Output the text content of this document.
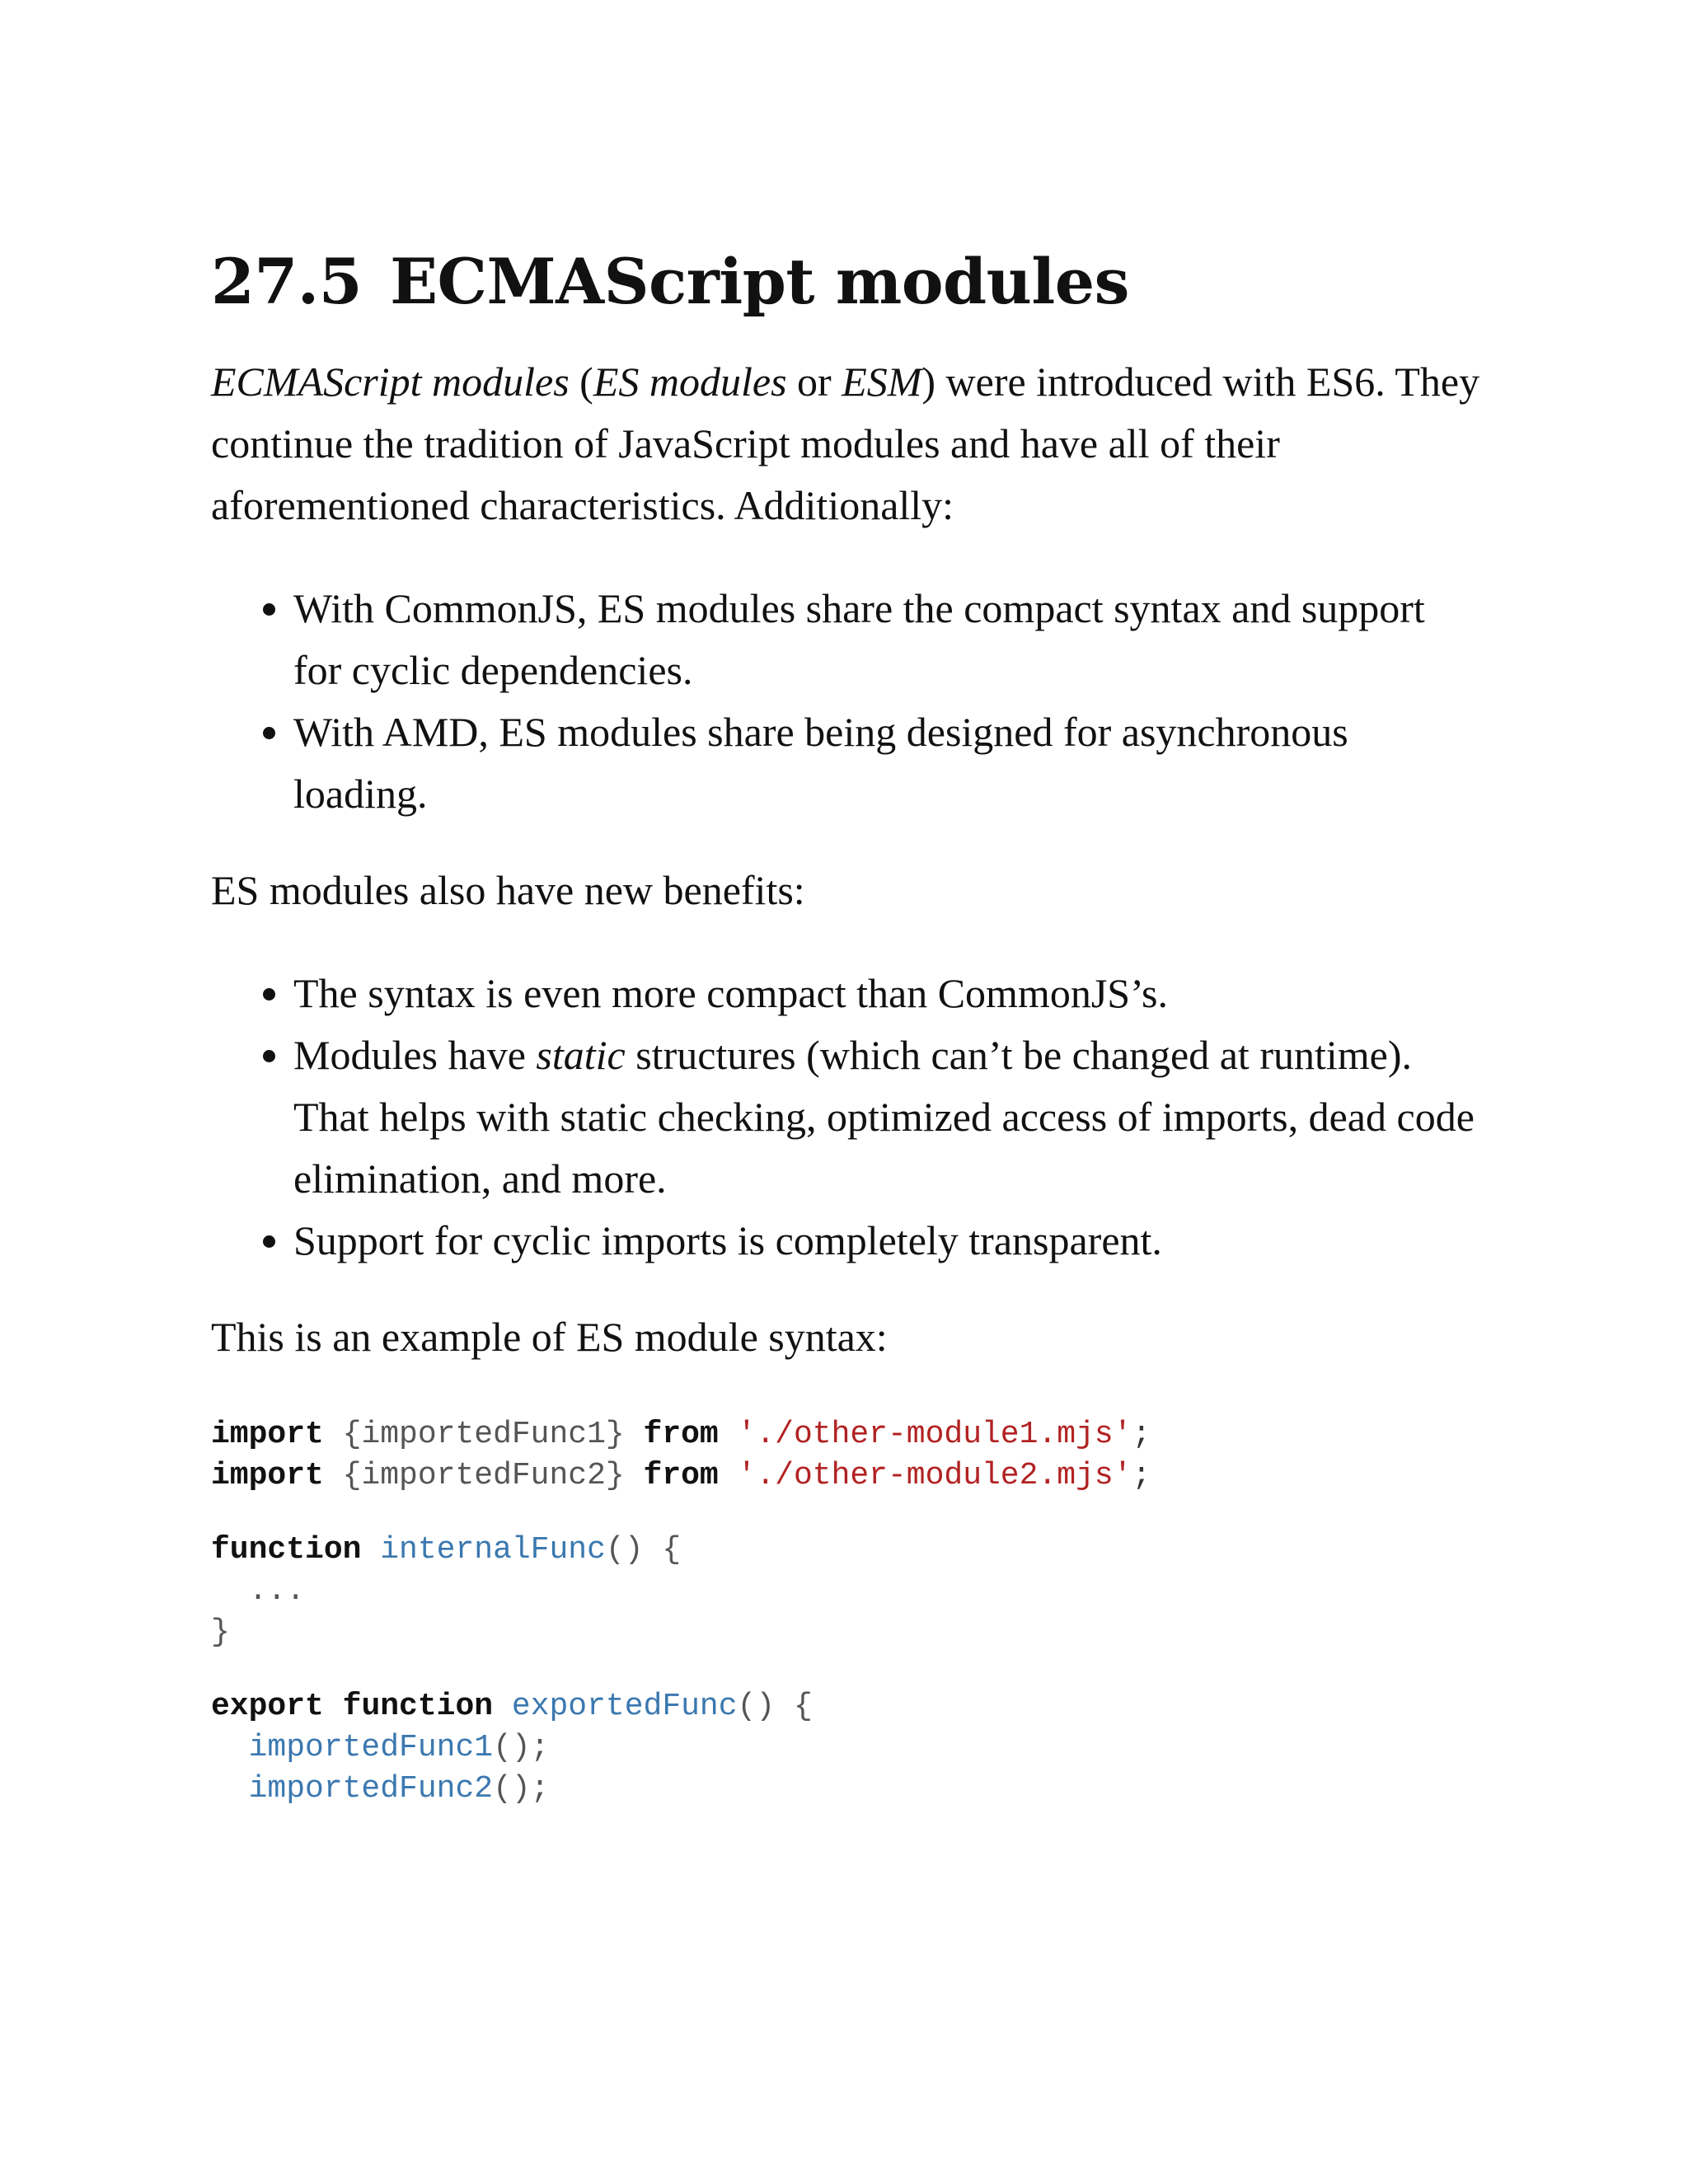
27.5 ECMAScript modules

ECMAScript modules (ES modules or ESM) were introduced with ES6. They continue the tradition of JavaScript modules and have all of their aforementioned characteristics. Additionally:

• With CommonJS, ES modules share the compact syntax and support for cyclic dependencies.
• With AMD, ES modules share being designed for asynchronous loading.

ES modules also have new benefits:

• The syntax is even more compact than CommonJS’s.
• Modules have static structures (which can’t be changed at runtime). That helps with static checking, optimized access of imports, dead code elimination, and more.
• Support for cyclic imports is completely transparent.

This is an example of ES module syntax:

import {importedFunc1} from './other-module1.mjs';
import {importedFunc2} from './other-module2.mjs';

function internalFunc() {
...
}

export function exportedFunc() {
importedFunc1();
importedFunc2();
